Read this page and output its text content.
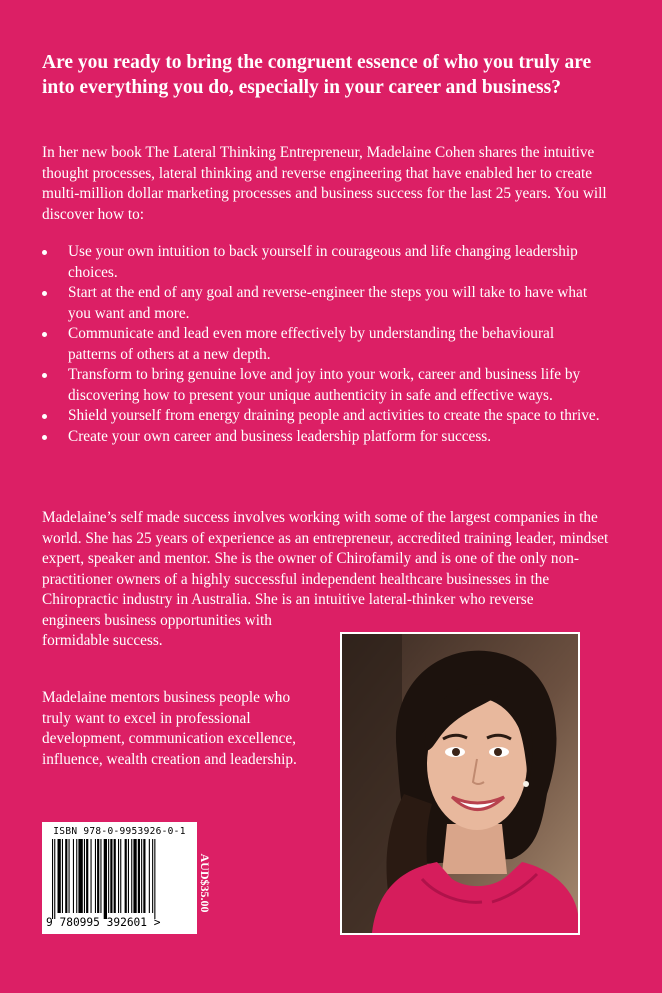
Are you ready to bring the congruent essence of who you truly are into everything you do, especially in your career and business?

In her new book The Lateral Thinking Entrepreneur, Madelaine Cohen shares the intuitive thought processes, lateral thinking and reverse engineering that have enabled her to create multi-million dollar marketing processes and business success for the last 25 years. You will discover how to:

Use your own intuition to back yourself in courageous and life changing leadership choices.
Start at the end of any goal and reverse-engineer the steps you will take to have what you want and more.
Communicate and lead even more effectively by understanding the behavioural patterns of others at a new depth.
Transform to bring genuine love and joy into your work, career and business life by discovering how to present your unique authenticity in safe and effective ways.
Shield yourself from energy draining people and activities to create the space to thrive.
Create your own career and business leadership platform for success.

Madelaine’s self made success involves working with some of the largest companies in the world. She has 25 years of experience as an entrepreneur, accredited training leader, mindset expert, speaker and mentor. She is the owner of Chirofamily and is one of the only non-practitioner owners of a highly successful independent healthcare businesses in the Chiropractic industry in Australia. She is an intuitive lateral-thinker who reverse
engineers business opportunities with formidable success.

Madelaine mentors business people who truly want to excel in professional development, communication excellence, influence, wealth creation and leadership.

ISBN 978-0-9953926-0-1
9 780995 392601 >
AUD$35.00
